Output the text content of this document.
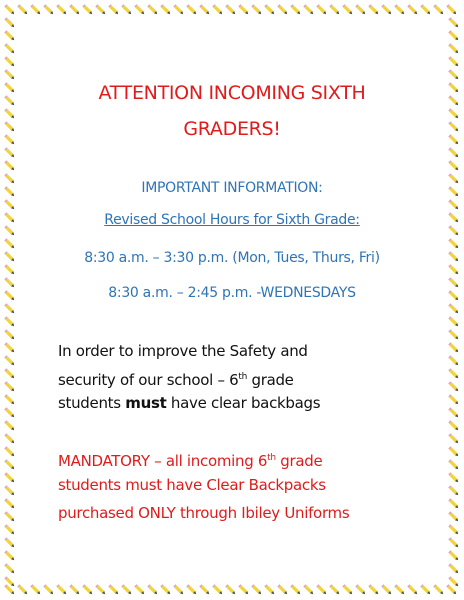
ATTENTION INCOMING SIXTH
GRADERS!
IMPORTANT INFORMATION:
Revised School Hours for Sixth Grade:
8:30 a.m. – 3:30 p.m. (Mon, Tues, Thurs, Fri)
8:30 a.m. – 2:45 p.m. -WEDNESDAYS
In order to improve the Safety and
security of our school – 6th grade
students must have clear backbags
MANDATORY – all incoming 6th grade
students must have Clear Backpacks
purchased ONLY through Ibiley Uniforms
